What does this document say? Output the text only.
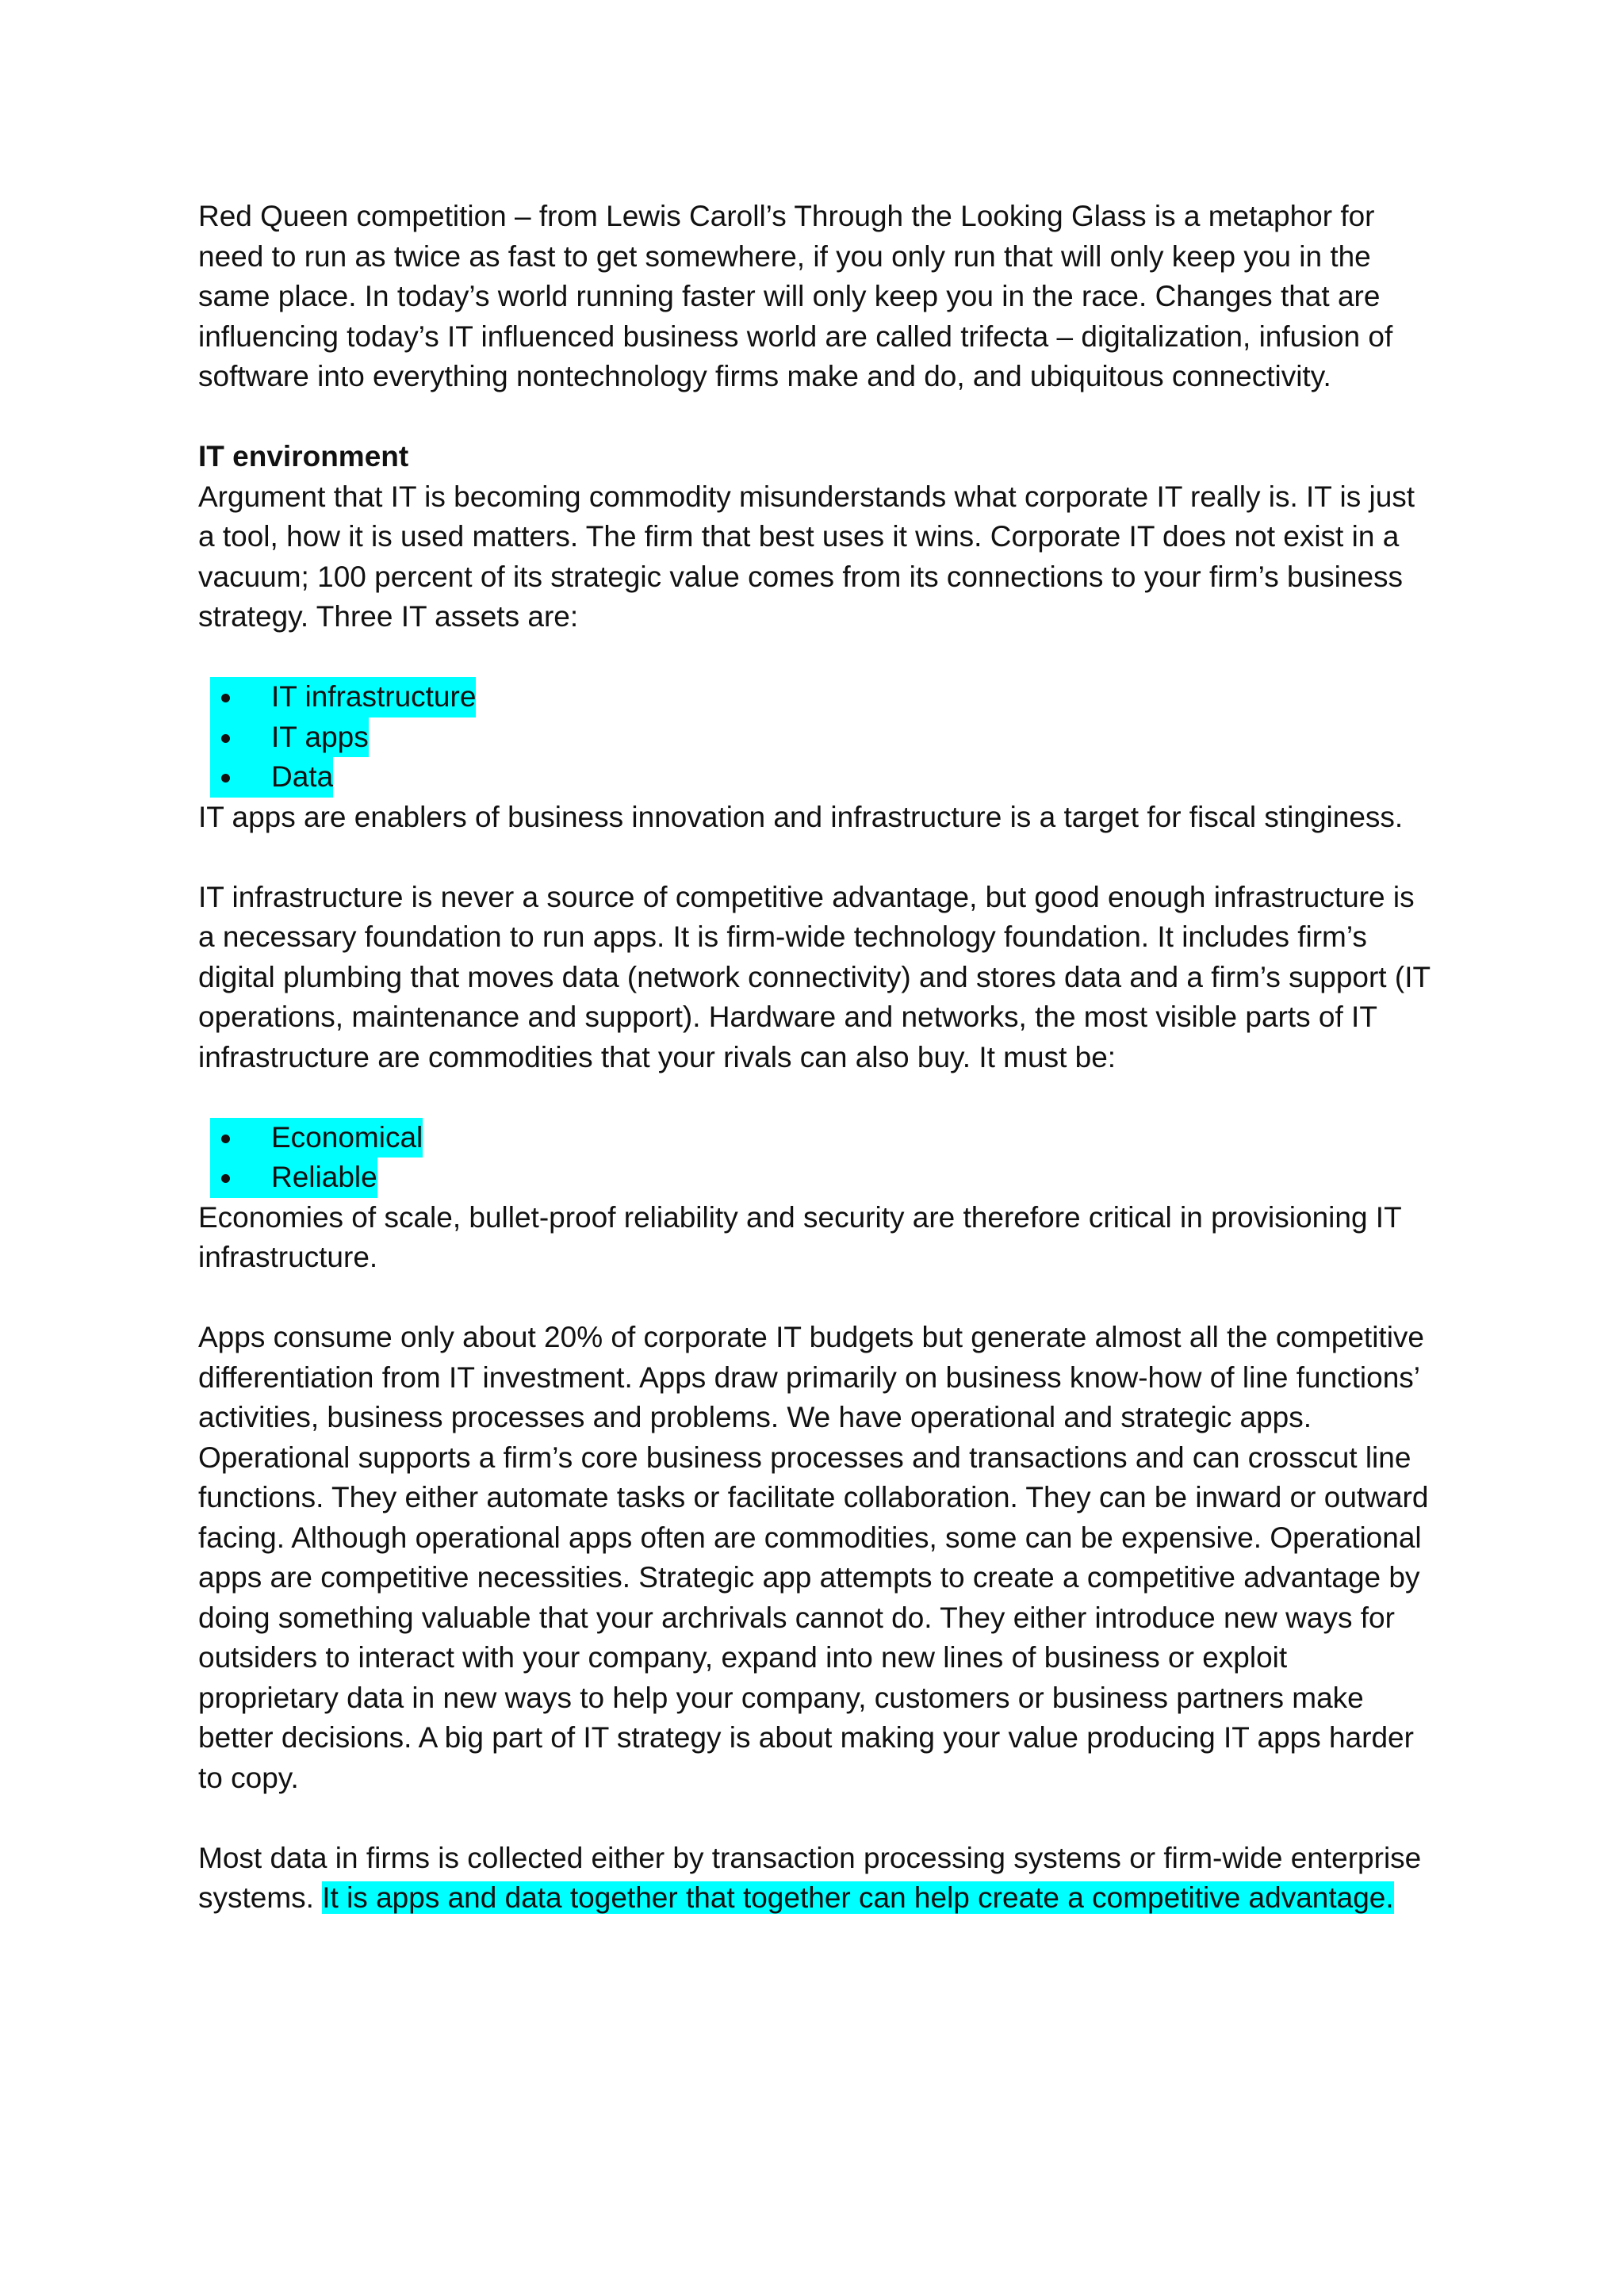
Red Queen competition – from Lewis Caroll’s Through the Looking Glass is a metaphor for need to run as twice as fast to get somewhere, if you only run that will only keep you in the same place. In today’s world running faster will only keep you in the race. Changes that are influencing today’s IT influenced business world are called trifecta – digitalization, infusion of software into everything nontechnology firms make and do, and ubiquitous connectivity.

IT environment

Argument that IT is becoming commodity misunderstands what corporate IT really is. IT is just a tool, how it is used matters. The firm that best uses it wins. Corporate IT does not exist in a vacuum; 100 percent of its strategic value comes from its connections to your firm’s business strategy. Three IT assets are:

IT infrastructure
IT apps
Data

IT apps are enablers of business innovation and infrastructure is a target for fiscal stinginess.

IT infrastructure is never a source of competitive advantage, but good enough infrastructure is a necessary foundation to run apps. It is firm-wide technology foundation. It includes firm’s digital plumbing that moves data (network connectivity) and stores data and a firm’s support (IT operations, maintenance and support). Hardware and networks, the most visible parts of IT infrastructure are commodities that your rivals can also buy. It must be:

Economical
Reliable

Economies of scale, bullet-proof reliability and security are therefore critical in provisioning IT infrastructure.

Apps consume only about 20% of corporate IT budgets but generate almost all the competitive differentiation from IT investment. Apps draw primarily on business know-how of line functions’ activities, business processes and problems. We have operational and strategic apps. Operational supports a firm’s core business processes and transactions and can crosscut line functions. They either automate tasks or facilitate collaboration. They can be inward or outward facing. Although operational apps often are commodities, some can be expensive. Operational apps are competitive necessities. Strategic app attempts to create a competitive advantage by doing something valuable that your archrivals cannot do. They either introduce new ways for outsiders to interact with your company, expand into new lines of business or exploit proprietary data in new ways to help your company, customers or business partners make better decisions. A big part of IT strategy is about making your value producing IT apps harder to copy.

Most data in firms is collected either by transaction processing systems or firm-wide enterprise systems. It is apps and data together that together can help create a competitive advantage.
